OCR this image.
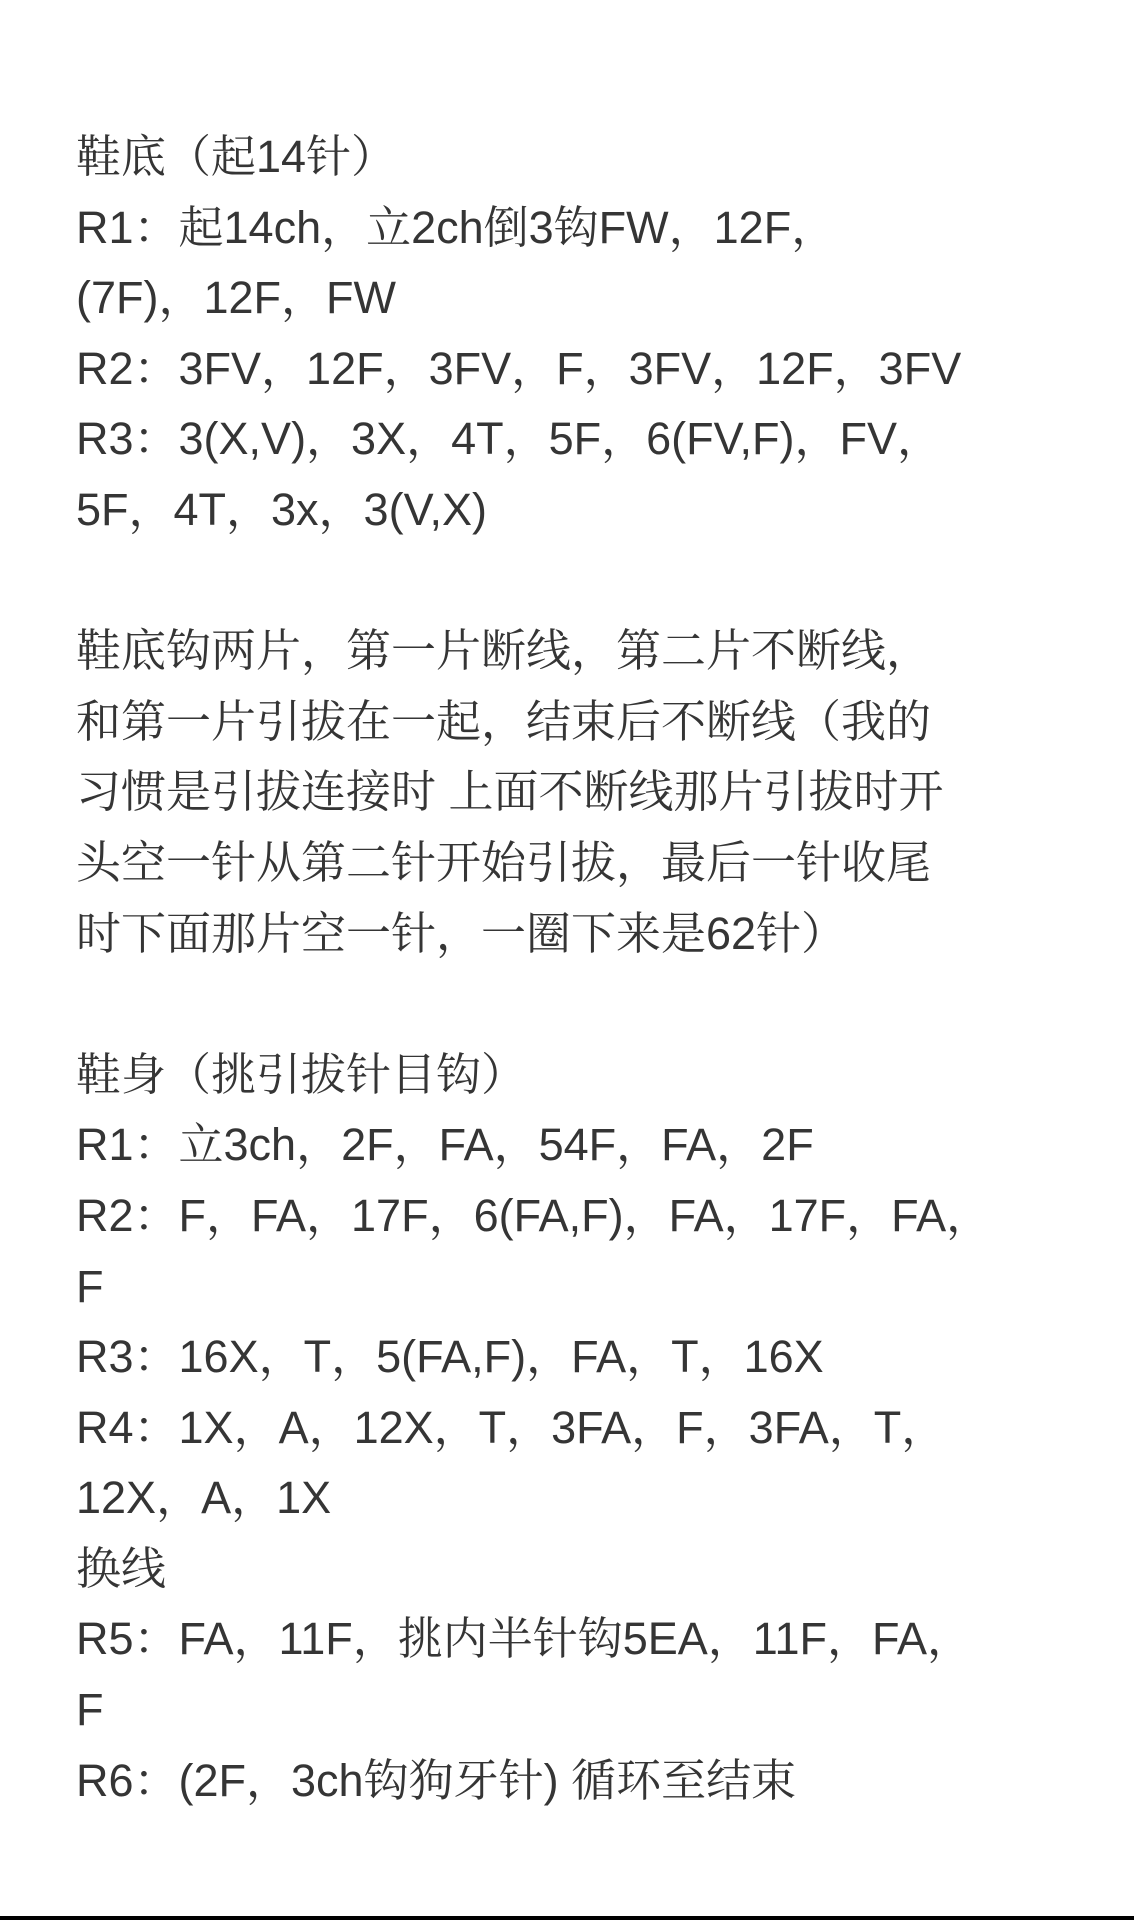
鞋底（起14针）
R1：起14ch，立2ch倒3钩FW，12F，
(7F)，12F，FW
R2：3FV，12F，3FV，F，3FV，12F，3FV
R3：3(X,V)，3X，4T，5F，6(FV,F)，FV，
5F，4T，3x，3(V,X)
鞋底钩两片，第一片断线，第二片不断线，
和第一片引拔在一起，结束后不断线（我的
习惯是引拔连接时 上面不断线那片引拔时开
头空一针从第二针开始引拔，最后一针收尾
时下面那片空一针，一圈下来是62针）
鞋身（挑引拔针目钩）
R1：立3ch，2F，FA，54F，FA，2F
R2：F，FA，17F，6(FA,F)，FA，17F，FA，
F
R3：16X，T，5(FA,F)，FA，T，16X
R4：1X，A，12X，T，3FA，F，3FA，T，
12X，A，1X
换线
R5：FA，11F，挑内半针钩5EA，11F，FA，
F
R6：(2F，3ch钩狗牙针) 循环至结束
